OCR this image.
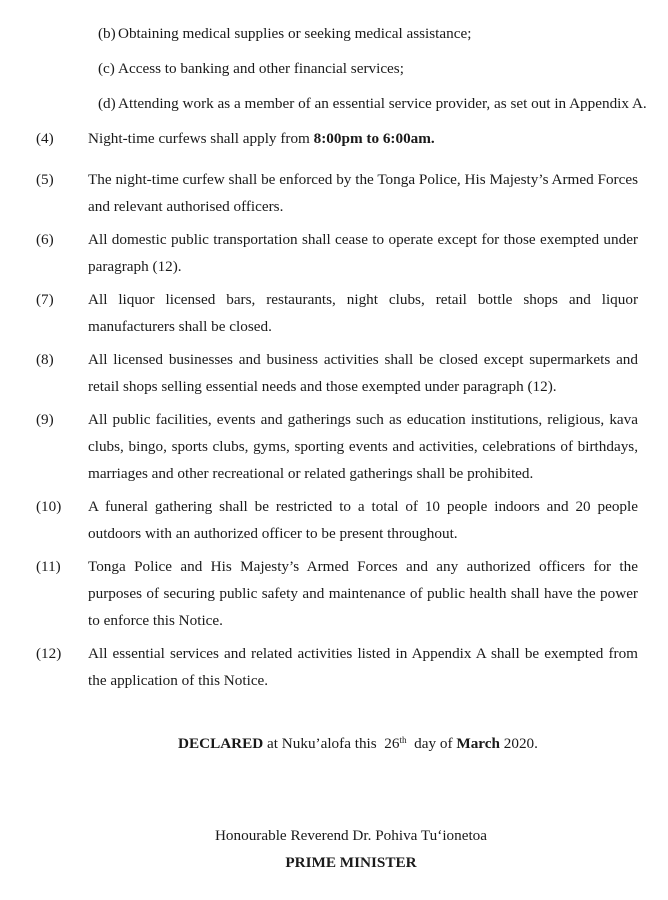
(b) Obtaining medical supplies or seeking medical assistance;
(c) Access to banking and other financial services;
(d) Attending work as a member of an essential service provider, as set out in Appendix A.
(4)	Night-time curfews shall apply from 8:00pm to 6:00am.
(5)	The night-time curfew shall be enforced by the Tonga Police, His Majesty’s Armed Forces and relevant authorised officers.
(6)	All domestic public transportation shall cease to operate except for those exempted under paragraph (12).
(7)	All liquor licensed bars, restaurants, night clubs, retail bottle shops and liquor manufacturers shall be closed.
(8)	All licensed businesses and business activities shall be closed except supermarkets and retail shops selling essential needs and those exempted under paragraph (12).
(9)	All public facilities, events and gatherings such as education institutions, religious, kava clubs, bingo, sports clubs, gyms, sporting events and activities, celebrations of birthdays, marriages and other recreational or related gatherings shall be prohibited.
(10)	A funeral gathering shall be restricted to a total of 10 people indoors and 20 people outdoors with an authorized officer to be present throughout.
(11)	Tonga Police and His Majesty’s Armed Forces and any authorized officers for the purposes of securing public safety and maintenance of public health shall have the power to enforce this Notice.
(12)	All essential services and related activities listed in Appendix A shall be exempted from the application of this Notice.
DECLARED at Nuku’alofa this  26th  day of March 2020.
Honourable Reverend Dr. Pohiva Tu‘ionetoa
PRIME MINISTER
